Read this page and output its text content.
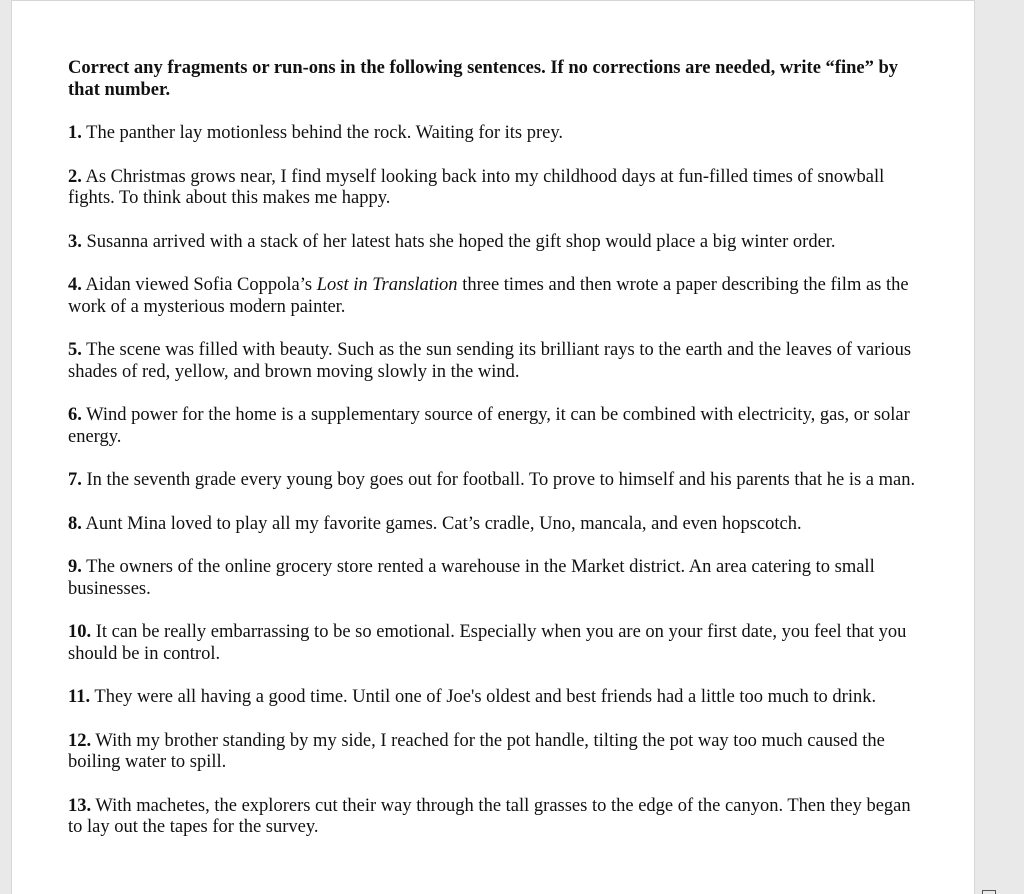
Correct any fragments or run-ons in the following sentences. If no corrections are needed, write “fine” by that number.

1. The panther lay motionless behind the rock. Waiting for its prey.

2. As Christmas grows near, I find myself looking back into my childhood days at fun-filled times of snowball fights. To think about this makes me happy.

3. Susanna arrived with a stack of her latest hats she hoped the gift shop would place a big winter order.

4. Aidan viewed Sofia Coppola’s Lost in Translation three times and then wrote a paper describing the film as the work of a mysterious modern painter.

5. The scene was filled with beauty. Such as the sun sending its brilliant rays to the earth and the leaves of various shades of red, yellow, and brown moving slowly in the wind.

6. Wind power for the home is a supplementary source of energy, it can be combined with electricity, gas, or solar energy.

7. In the seventh grade every young boy goes out for football. To prove to himself and his parents that he is a man.

8. Aunt Mina loved to play all my favorite games. Cat’s cradle, Uno, mancala, and even hopscotch.

9. The owners of the online grocery store rented a warehouse in the Market district. An area catering to small businesses.

10. It can be really embarrassing to be so emotional. Especially when you are on your first date, you feel that you should be in control.

11. They were all having a good time. Until one of Joe's oldest and best friends had a little too much to drink.

12. With my brother standing by my side, I reached for the pot handle, tilting the pot way too much caused the boiling water to spill.

13. With machetes, the explorers cut their way through the tall grasses to the edge of the canyon. Then they began to lay out the tapes for the survey.
